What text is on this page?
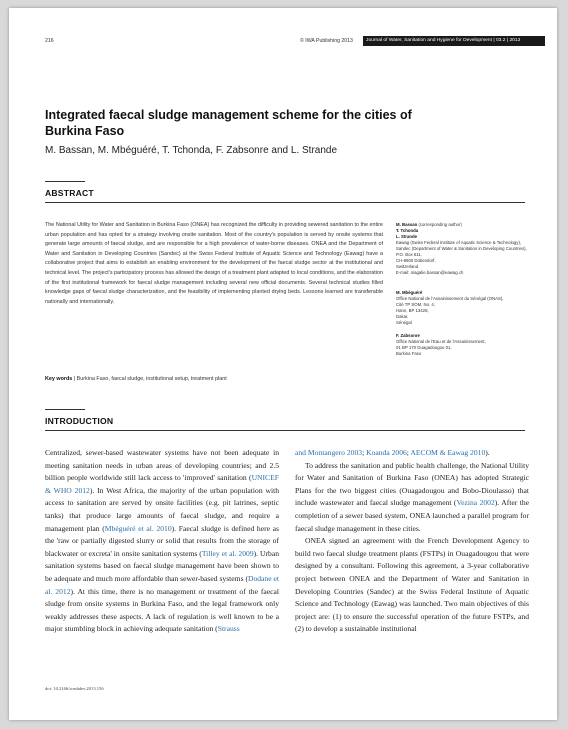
216	© IWA Publishing 2013	Journal of Water, Sanitation and Hygiene for Development | 03.2 | 2013
Integrated faecal sludge management scheme for the cities of Burkina Faso
M. Bassan, M. Mbéguéré, T. Tchonda, F. Zabsonre and L. Strande
ABSTRACT
The National Utility for Water and Sanitation in Burkina Faso (ONEA) has recognized the difficulty in providing sewered sanitation to the entire urban population and has opted for a strategy involving onsite sanitation. Most of the country's population is served by onsite systems that generate large amounts of faecal sludge, and are responsible for a high prevalence of water-borne diseases. ONEA and the Department of Water and Sanitation in Developing Countries (Sandec) at the Swiss Federal Institute of Aquatic Science and Technology (Eawag) have a collaborative project that aims to establish an enabling environment for the development of the faecal sludge sector at the institutional and technical level. The project's participatory process has allowed the design of a treatment plant adapted to local conditions, and the elaboration of the first institutional framework for faecal sludge management including several new official documents. Several technical studies filled knowledge gaps of faecal sludge characterization, and the feasibility of implementing planted drying beds. Lessons learned are transferable nationally and internationally.
Key words | Burkina Faso, faecal sludge, institutional setup, treatment plant
M. Bassan (corresponding author)
T. Tchonda
L. Strande
Eawag (Swiss Federal Institute of Aquatic Science & Technology),
Sandec (Department of Water & Sanitation in Developing Countries),
P.O. Box 611,
CH-8600 Dübendorf,
Switzerland
E-mail: magalie.bassan@eawag.ch
M. Mbéguéré
Office National de l'Assainissement du Sénégal (ONAS),
Cité TP SOM, No. 4,
Hann, BP 13428,
Dakar,
Sénégal
F. Zabsonre
Office National de l'Eau et de l'Assainissement,
01 BP 170 Ouagadougou 01,
Burkina Faso
INTRODUCTION

Centralized, sewer-based wastewater systems have not been adequate in meeting sanitation needs in urban areas of developing countries; and 2.5 billion people worldwide still lack access to 'improved' sanitation (UNICEF & WHO 2012). In West Africa, the majority of the urban population with access to sanitation are served by onsite facilities (e.g. pit latrines, septic tanks) that produce large amounts of faecal sludge, and require a management plan (Mbéguéré et al. 2010). Faecal sludge is defined here as the 'raw or partially digested slurry or solid that results from the storage of blackwater or excreta' in onsite sanitation systems (Tilley et al. 2009). Urban sanitation systems based on faecal sludge management have been shown to be adequate and much more affordable than sewer-based systems (Dodane et al. 2012). At this time, there is no management or treatment of the faecal sludge from onsite systems in Burkina Faso, and the legal framework only weakly addresses these aspects. A lack of regulation is well known to be a major stumbling block in achieving adequate sanitation (Strauss

and Montangero 2003; Koanda 2006; AECOM & Eawag 2010).

To address the sanitation and public health challenge, the National Utility for Water and Sanitation of Burkina Faso (ONEA) has adopted Strategic Plans for the two biggest cities (Ouagadougou and Bobo-Dioulasso) that include wastewater and faecal sludge management (Vezina 2002). After the completion of a sewer based system, ONEA launched a parallel program for faecal sludge management in these cities.

ONEA signed an agreement with the French Development Agency to build two faecal sludge treatment plants (FSTPs) in Ouagadougou that were designed by a consultant. Following this agreement, a 3-year collaborative project between ONEA and the Department of Water and Sanitation in Developing Countries (Sandec) at the Swiss Federal Institute of Aquatic Science and Technology (Eawag) was launched. Two main objectives of this project are: (1) to ensure the successful operation of the future FSTPs, and (2) to develop a sustainable institutional

doi: 10.2166/washdev.2013.156
